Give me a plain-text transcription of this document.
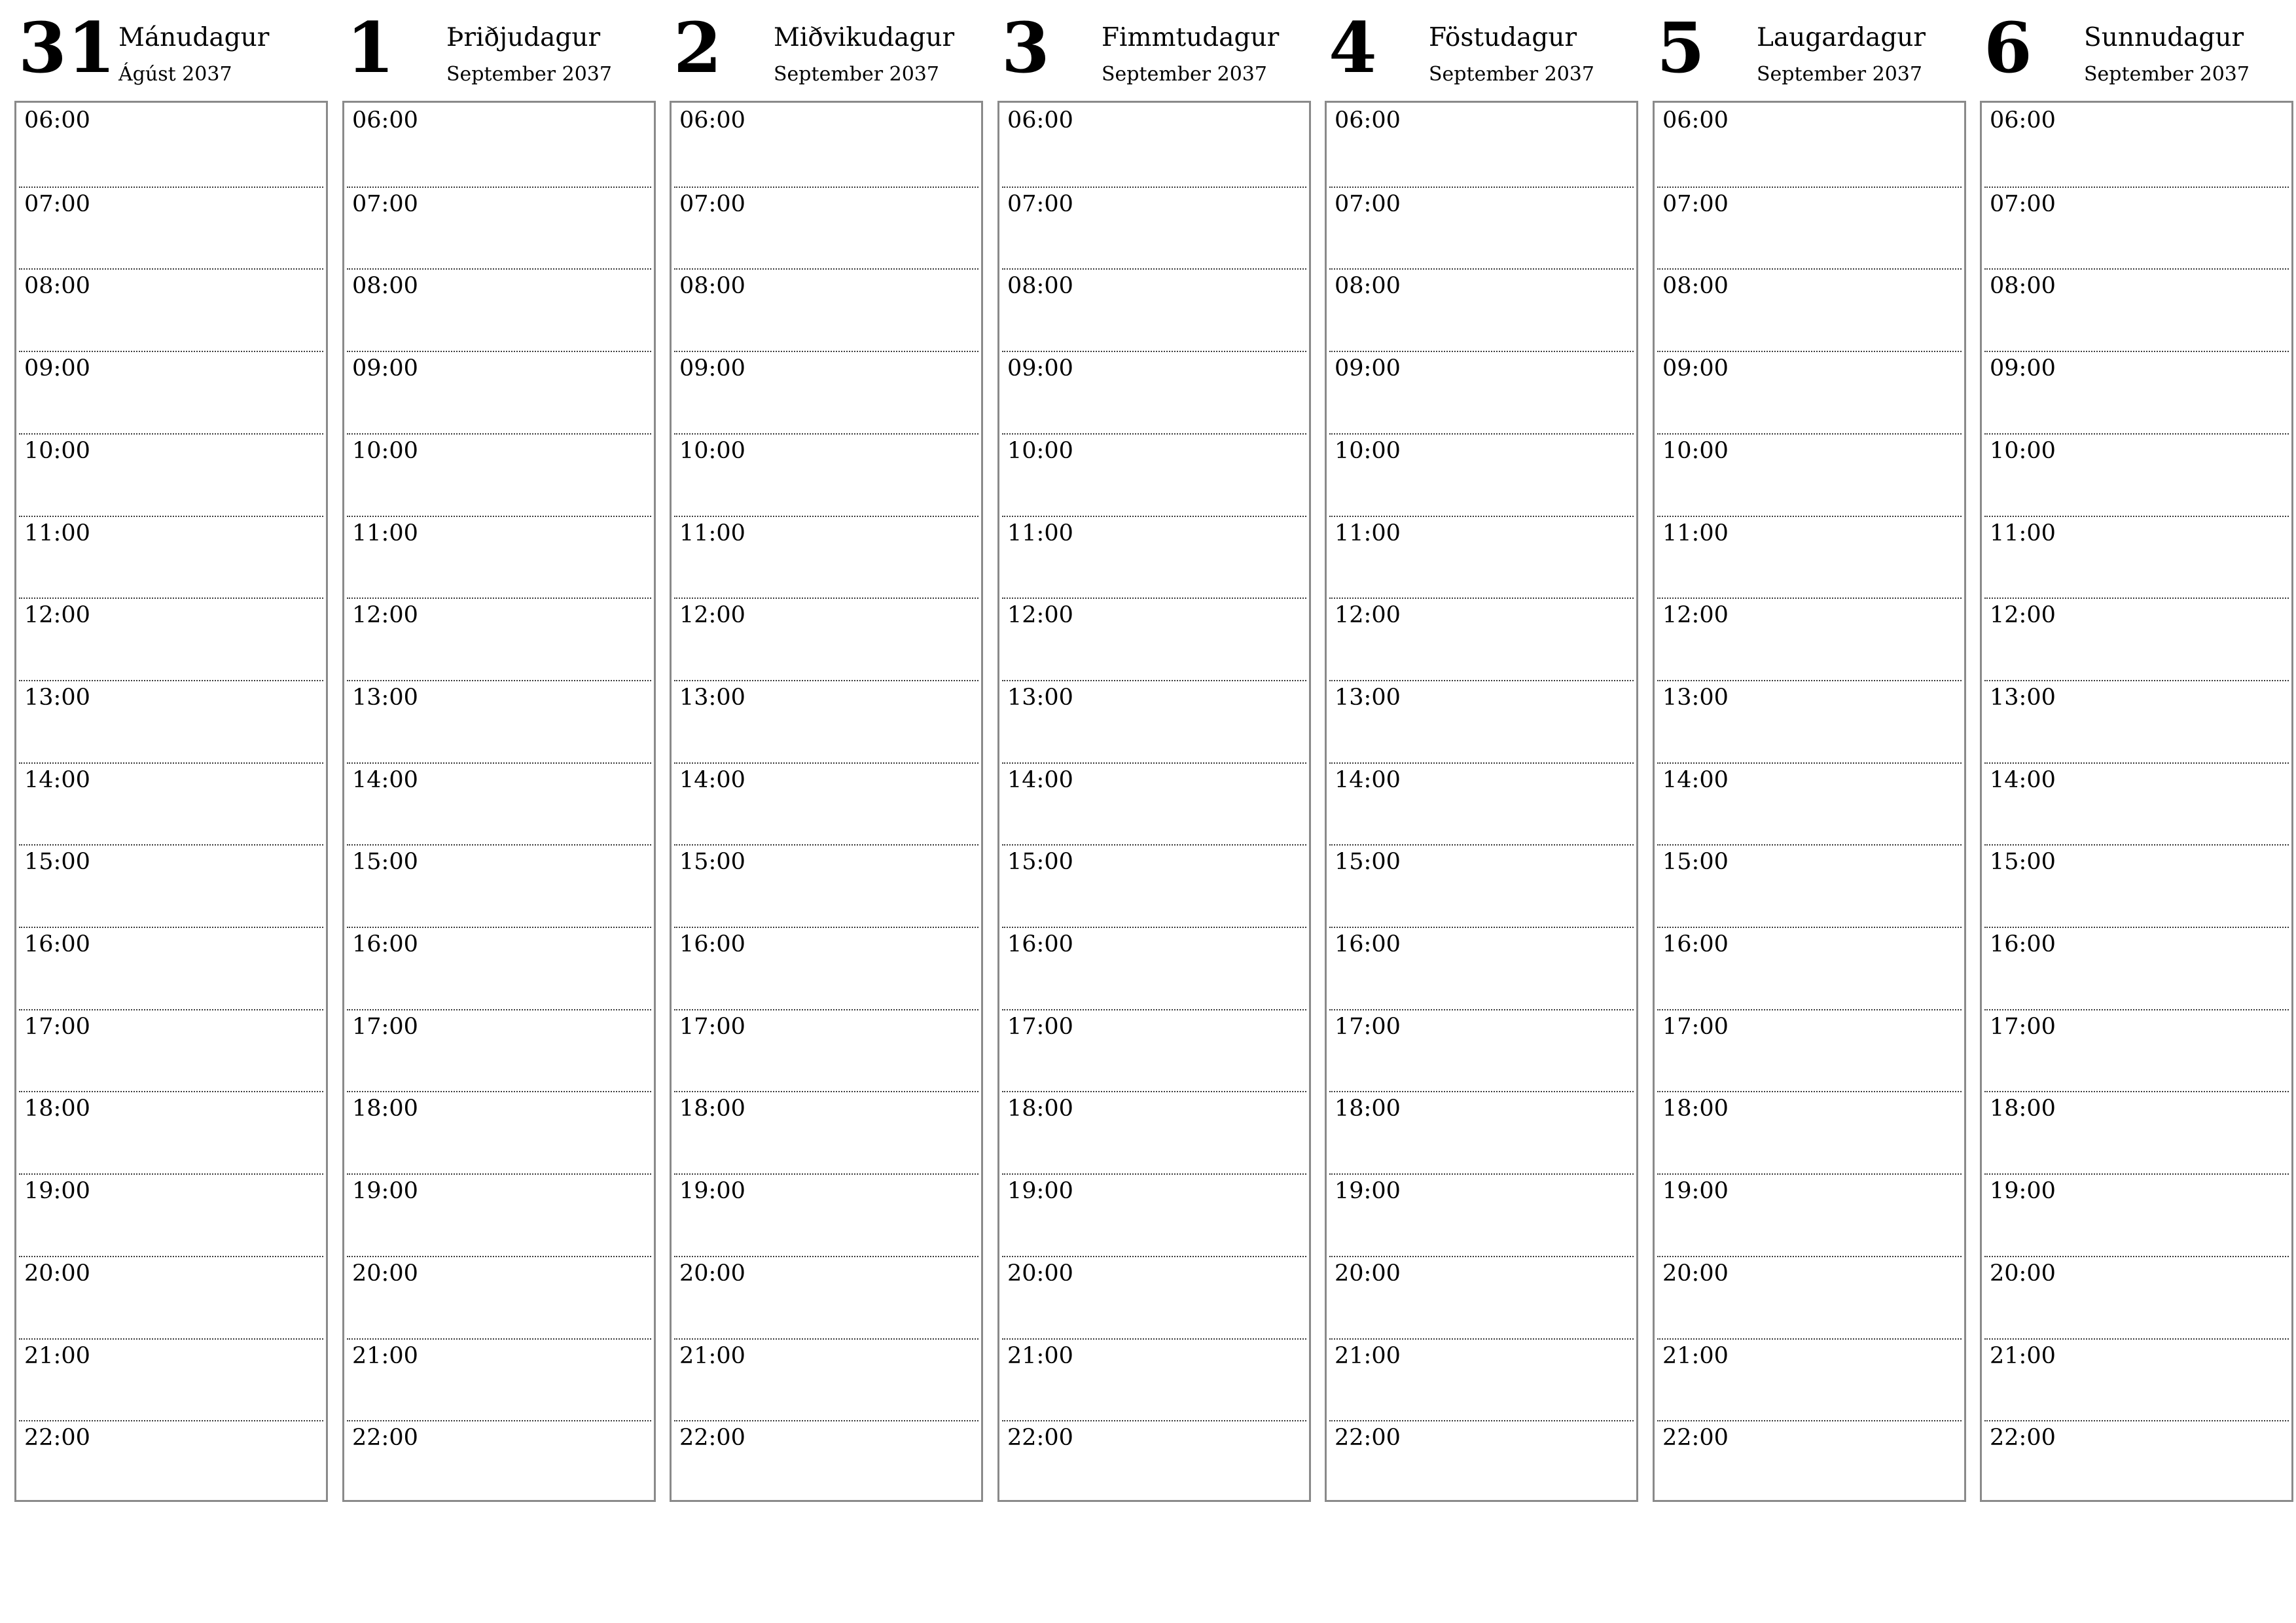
31 Mánudagur
Ágúst 2037
06:00
07:00
08:00
09:00
10:00
11:00
12:00
13:00
14:00
15:00
16:00
17:00
18:00
19:00
20:00
21:00
22:00
1 Þriðjudagur
September 2037
06:00
07:00
08:00
09:00
10:00
11:00
12:00
13:00
14:00
15:00
16:00
17:00
18:00
19:00
20:00
21:00
22:00
2 Miðvikudagur
September 2037
06:00
07:00
08:00
09:00
10:00
11:00
12:00
13:00
14:00
15:00
16:00
17:00
18:00
19:00
20:00
21:00
22:00
3 Fimmtudagur
September 2037
06:00
07:00
08:00
09:00
10:00
11:00
12:00
13:00
14:00
15:00
16:00
17:00
18:00
19:00
20:00
21:00
22:00
4 Föstudagur
September 2037
06:00
07:00
08:00
09:00
10:00
11:00
12:00
13:00
14:00
15:00
16:00
17:00
18:00
19:00
20:00
21:00
22:00
5 Laugardagur
September 2037
06:00
07:00
08:00
09:00
10:00
11:00
12:00
13:00
14:00
15:00
16:00
17:00
18:00
19:00
20:00
21:00
22:00
6 Sunnudagur
September 2037
06:00
07:00
08:00
09:00
10:00
11:00
12:00
13:00
14:00
15:00
16:00
17:00
18:00
19:00
20:00
21:00
22:00
